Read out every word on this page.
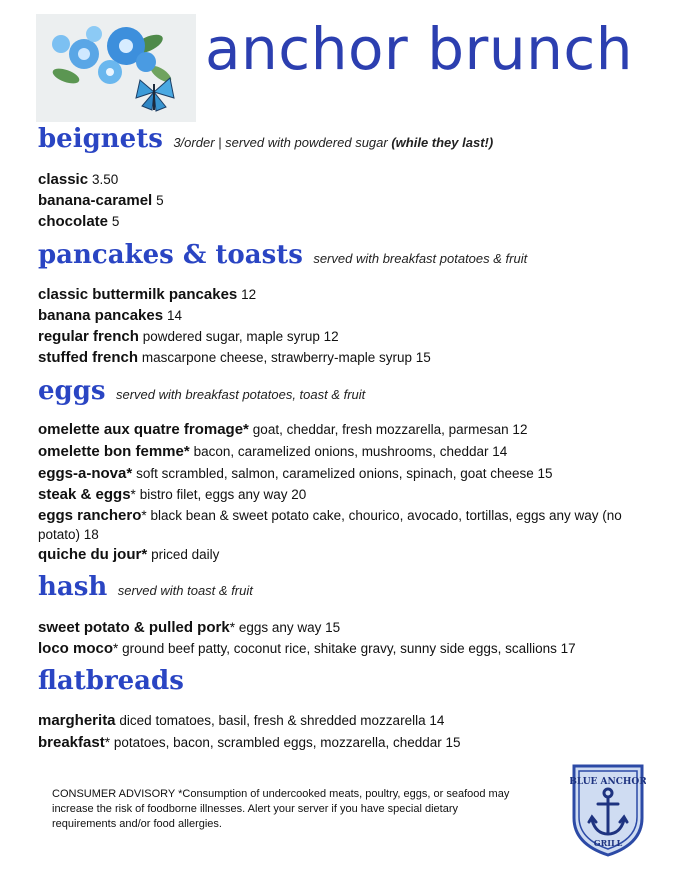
anchor brunch
beignets 3/order | served with powdered sugar (while they last!)
classic 3.50
banana-caramel 5
chocolate 5
pancakes & toasts served with breakfast potatoes & fruit
classic buttermilk pancakes 12
banana pancakes 14
regular french powdered sugar, maple syrup 12
stuffed french mascarpone cheese, strawberry-maple syrup 15
eggs served with breakfast potatoes, toast & fruit
omelette aux quatre fromage* goat, cheddar, fresh mozzarella, parmesan 12
omelette bon femme* bacon, caramelized onions, mushrooms, cheddar 14
eggs-a-nova* soft scrambled, salmon, caramelized onions, spinach, goat cheese 15
steak & eggs* bistro filet, eggs any way 20
eggs ranchero* black bean & sweet potato cake, chourico, avocado, tortillas, eggs any way (no potato) 18
quiche du jour* priced daily
hash served with toast & fruit
sweet potato & pulled pork* eggs any way 15
loco moco* ground beef patty, coconut rice, shitake gravy, sunny side eggs, scallions 17
flatbreads
margherita diced tomatoes, basil, fresh & shredded mozzarella 14
breakfast* potatoes, bacon, scrambled eggs, mozzarella, cheddar 15
CONSUMER ADVISORY *Consumption of undercooked meats, poultry, eggs, or seafood may increase the risk of foodborne illnesses. Alert your server if you have special dietary requirements and/or food allergies.
BLUE ANCHOR
GRILL
